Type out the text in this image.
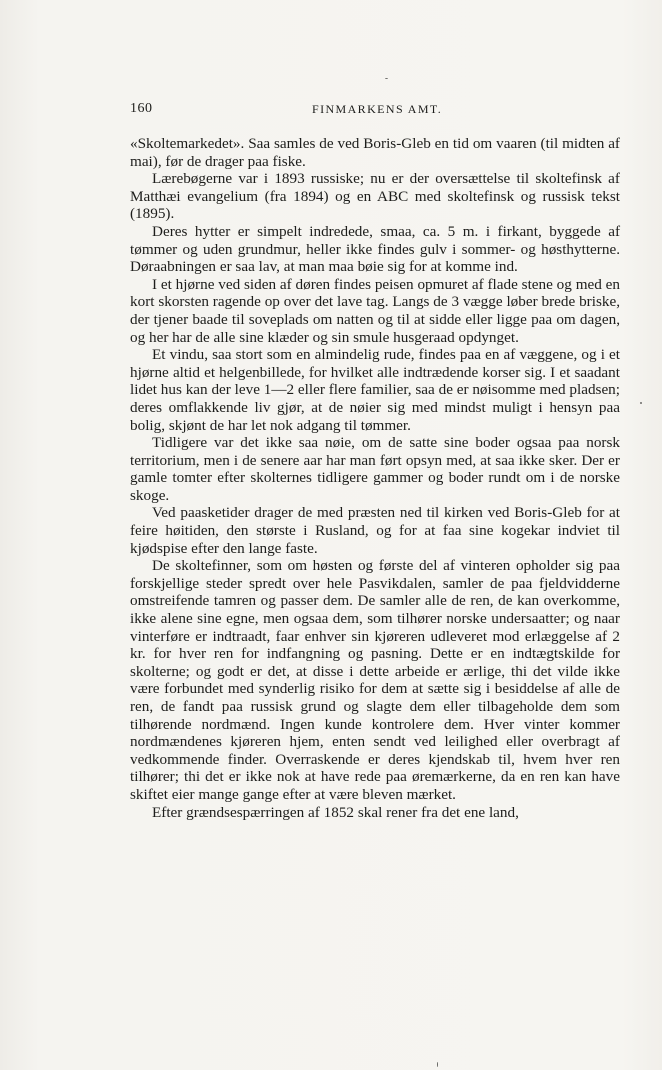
160	FINMARKENS AMT.

«Skoltemarkedet». Saa samles de ved Boris-Gleb en tid om vaaren (til midten af mai), før de drager paa fiske.

Lærebøgerne var i 1893 russiske; nu er der oversættelse til skoltefinsk af Matthæi evangelium (fra 1894) og en ABC med skoltefinsk og russisk tekst (1895).

Deres hytter er simpelt indredede, smaa, ca. 5 m. i firkant, byggede af tømmer og uden grundmur, heller ikke findes gulv i sommer- og høsthytterne. Døraabningen er saa lav, at man maa bøie sig for at komme ind.

I et hjørne ved siden af døren findes peisen opmuret af flade stene og med en kort skorsten ragende op over det lave tag. Langs de 3 vægge løber brede briske, der tjener baade til soveplads om natten og til at sidde eller ligge paa om dagen, og her har de alle sine klæder og sin smule husgeraad opdynget.

Et vindu, saa stort som en almindelig rude, findes paa en af væggene, og i et hjørne altid et helgenbillede, for hvilket alle indtrædende korser sig. I et saadant lidet hus kan der leve 1—2 eller flere familier, saa de er nøisomme med pladsen; deres omflakkende liv gjør, at de nøier sig med mindst muligt i hensyn paa bolig, skjønt de har let nok adgang til tømmer.

Tidligere var det ikke saa nøie, om de satte sine boder ogsaa paa norsk territorium, men i de senere aar har man ført opsyn med, at saa ikke sker. Der er gamle tomter efter skolternes tidligere gammer og boder rundt om i de norske skoge.

Ved paasketider drager de med præsten ned til kirken ved Boris-Gleb for at feire høitiden, den største i Rusland, og for at faa sine kogekar indviet til kjødspise efter den lange faste.

De skoltefinner, som om høsten og første del af vinteren opholder sig paa forskjellige steder spredt over hele Pasvikdalen, samler de paa fjeldvidderne omstreifende tamren og passer dem. De samler alle de ren, de kan overkomme, ikke alene sine egne, men ogsaa dem, som tilhører norske undersaatter; og naar vinterføre er indtraadt, faar enhver sin kjøreren udleveret mod erlæggelse af 2 kr. for hver ren for indfangning og pasning. Dette er en indtægtskilde for skolterne; og godt er det, at disse i dette arbeide er ærlige, thi det vilde ikke være forbundet med synderlig risiko for dem at sætte sig i besiddelse af alle de ren, de fandt paa russisk grund og slagte dem eller tilbageholde dem som tilhørende nordmænd. Ingen kunde kontrolere dem. Hver vinter kommer nordmændenes kjøreren hjem, enten sendt ved leilighed eller overbragt af vedkommende finder. Overraskende er deres kjendskab til, hvem hver ren tilhører; thi det er ikke nok at have rede paa øremærkerne, da en ren kan have skiftet eier mange gange efter at være bleven mærket.

Efter grændsespærringen af 1852 skal rener fra det ene land,
